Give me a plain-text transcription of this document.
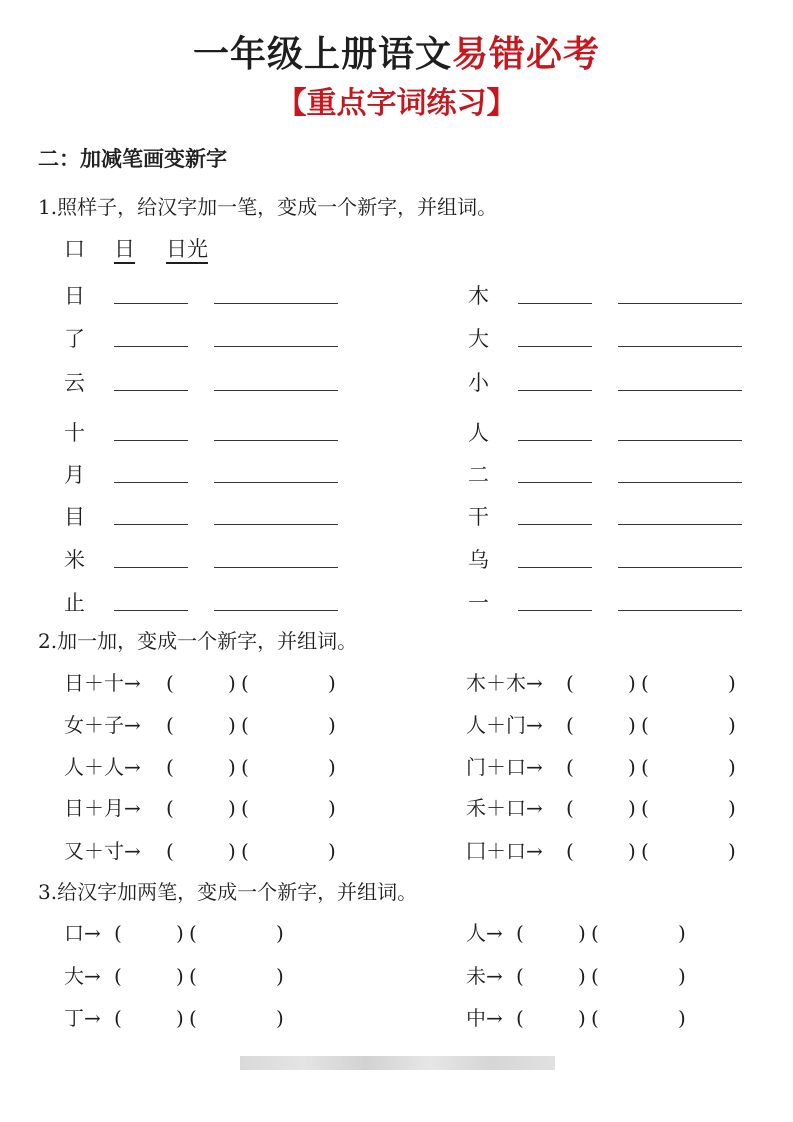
一年级上册语文易错必考
【重点字词练习】
二：加减笔画变新字
1.照样子，给汉字加一笔，变成一个新字，并组词。
口 日 日光
日
了
云
十
月
目
米
止
木
大
小
人
二
干
乌
一
2.加一加，变成一个新字，并组词。
日＋十→ (	) (	)
女＋子→ (	) (	)
人＋人→ (	) (	)
日＋月→ (	) (	)
又＋寸→ (	) (	)
木＋木→ (	) (	)
人＋门→ (	) (	)
门＋口→ (	) (	)
禾＋口→ (	) (	)
囗＋口→ (	) (	)
3.给汉字加两笔，变成一个新字，并组词。
口→ (	) (	)
大→ (	) (	)
丁→ (	) (	)
人→ (	) (	)
未→ (	) (	)
中→ (	) (	)
